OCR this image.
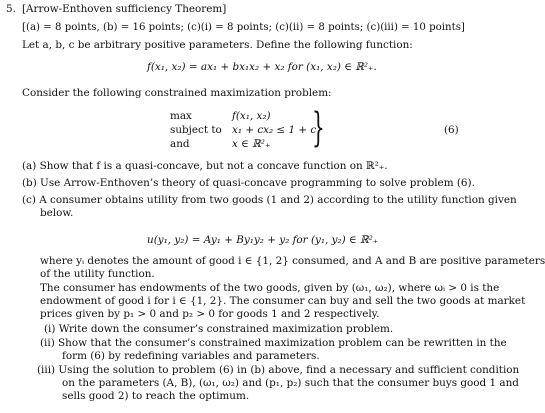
5. [Arrow-Enthoven sufficiency Theorem]
[(a) = 8 points, (b) = 16 points; (c)(i) = 8 points; (c)(ii) = 8 points; (c)(iii) = 10 points]
Let a, b, c be arbitrary positive parameters. Define the following function:
f(x₁, x₂) = ax₁ + bx₁x₂ + x₂ for (x₁, x₂) ∈ ℝ²₊.
Consider the following constrained maximization problem:
max	f(x₁, x₂)
subject to x₁ + cx₂ ≤ 1 + c
and	x ∈ ℝ²₊ }	(6)
(a) Show that f is a quasi-concave, but not a concave function on ℝ²₊.
(b) Use Arrow-Enthoven’s theory of quasi-concave programming to solve problem (6).
(c) A consumer obtains utility from two goods (1 and 2) according to the utility function given
below.
u(y₁, y₂) = Ay₁ + By₁y₂ + y₂ for (y₁, y₂) ∈ ℝ²₊
where yᵢ denotes the amount of good i ∈ {1, 2} consumed, and A and B are positive parameters
of the utility function.
The consumer has endowments of the two goods, given by (ω₁, ω₂), where ωᵢ > 0 is the
endowment of good i for i ∈ {1, 2}. The consumer can buy and sell the two goods at market
prices given by p₁ > 0 and p₂ > 0 for goods 1 and 2 respectively.
(i) Write down the consumer’s constrained maximization problem.
(ii) Show that the consumer’s constrained maximization problem can be rewritten in the
form (6) by redefining variables and parameters.
(iii) Using the solution to problem (6) in (b) above, find a necessary and sufficient condition
on the parameters (A, B), (ω₁, ω₂) and (p₁, p₂) such that the consumer buys good 1 and
sells good 2) to reach the optimum.
